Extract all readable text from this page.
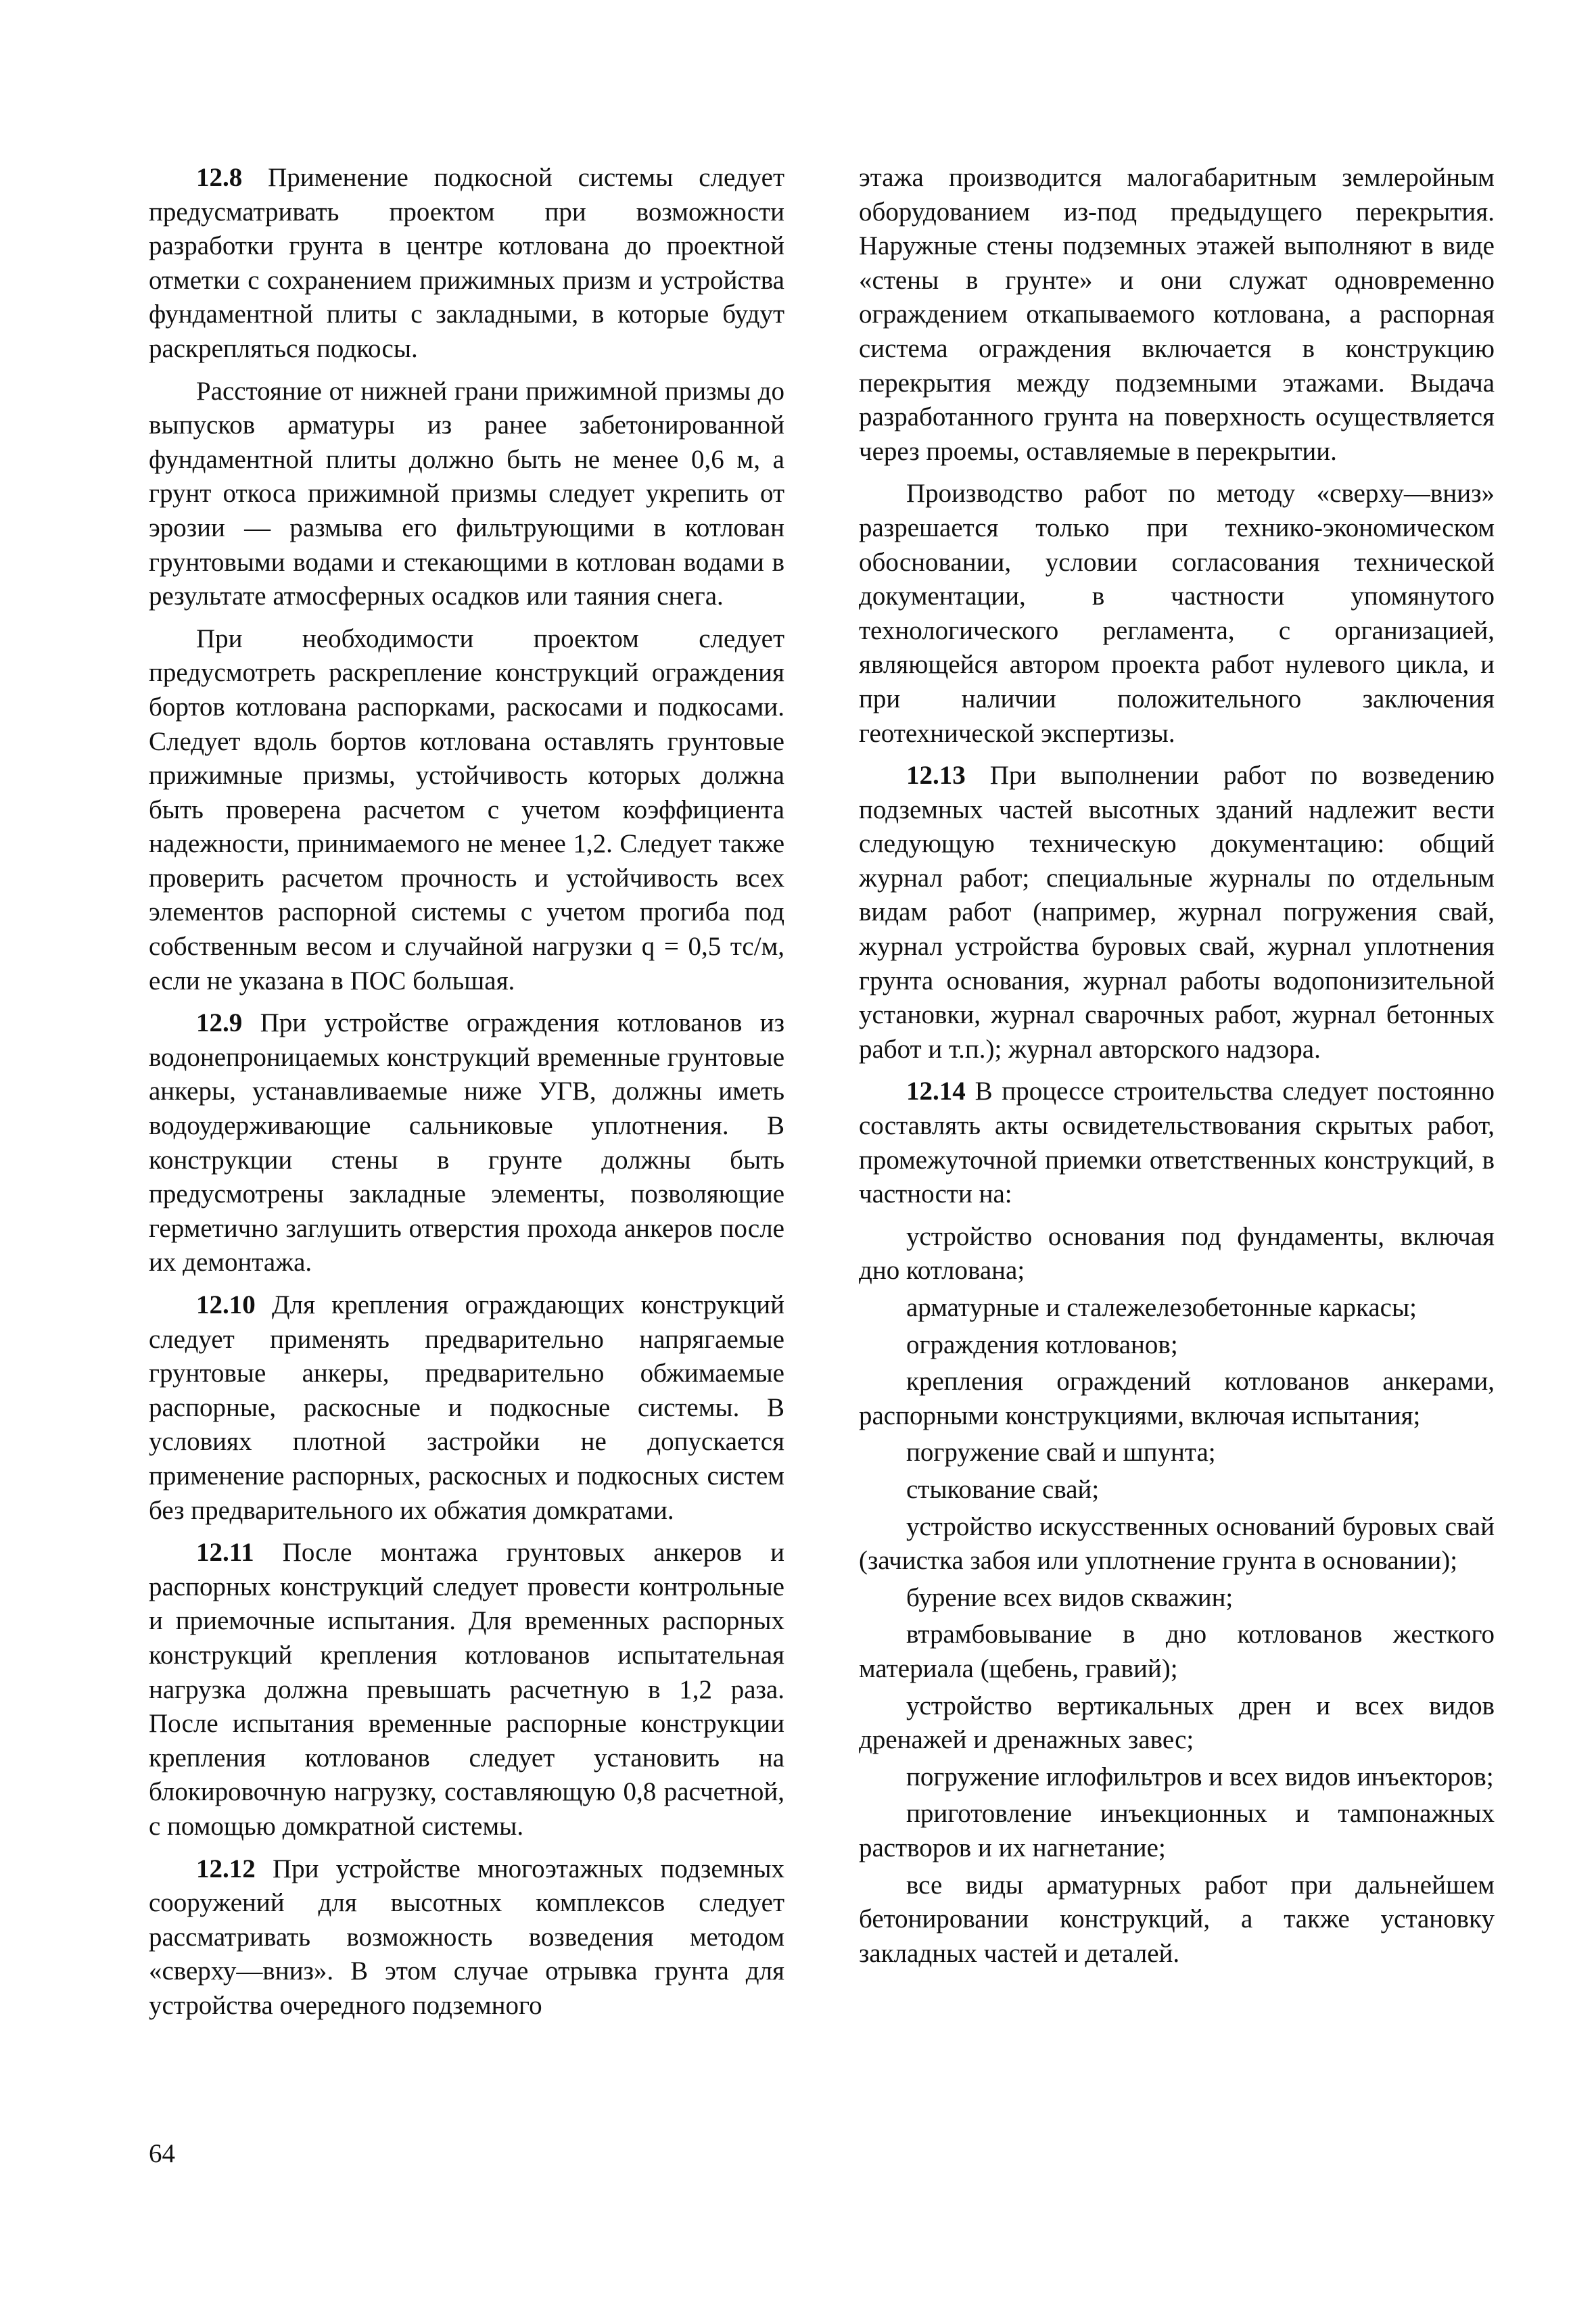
12.8 Применение подкосной системы следует предусматривать проектом при возможности разработки грунта в центре котлована до проектной отметки с сохранением прижимных призм и устройства фундаментной плиты с закладными, в которые будут раскрепляться подкосы.

Расстояние от нижней грани прижимной призмы до выпусков арматуры из ранее забетонированной фундаментной плиты должно быть не менее 0,6 м, а грунт откоса прижимной призмы следует укрепить от эрозии — размыва его фильтрующими в котлован грунтовыми водами и стекающими в котлован водами в результате атмосферных осадков или таяния снега.

При необходимости проектом следует предусмотреть раскрепление конструкций ограждения бортов котлована распорками, раскосами и подкосами. Следует вдоль бортов котлована оставлять грунтовые прижимные призмы, устойчивость которых должна быть проверена расчетом с учетом коэффициента надежности, принимаемого не менее 1,2. Следует также проверить расчетом прочность и устойчивость всех элементов распорной системы с учетом прогиба под собственным весом и случайной нагрузки q = 0,5 тс/м, если не указана в ПОС большая.

12.9 При устройстве ограждения котлованов из водонепроницаемых конструкций временные грунтовые анкеры, устанавливаемые ниже УГВ, должны иметь водоудерживающие сальниковые уплотнения. В конструкции стены в грунте должны быть предусмотрены закладные элементы, позволяющие герметично заглушить отверстия прохода анкеров после их демонтажа.

12.10 Для крепления ограждающих конструкций следует применять предварительно напрягаемые грунтовые анкеры, предварительно обжимаемые распорные, раскосные и подкосные системы. В условиях плотной застройки не допускается применение распорных, раскосных и подкосных систем без предварительного их обжатия домкратами.

12.11 После монтажа грунтовых анкеров и распорных конструкций следует провести контрольные и приемочные испытания. Для временных распорных конструкций крепления котлованов испытательная нагрузка должна превышать расчетную в 1,2 раза. После испытания временные распорные конструкции крепления котлованов следует установить на блокировочную нагрузку, составляющую 0,8 расчетной, с помощью домкратной системы.

12.12 При устройстве многоэтажных подземных сооружений для высотных комплексов следует рассматривать возможность возведения методом «сверху—вниз». В этом случае отрывка грунта для устройства очередного подземного

этажа производится малогабаритным землеройным оборудованием из-под предыдущего перекрытия. Наружные стены подземных этажей выполняют в виде «стены в грунте» и они служат одновременно ограждением откапываемого котлована, а распорная система ограждения включается в конструкцию перекрытия между подземными этажами. Выдача разработанного грунта на поверхность осуществляется через проемы, оставляемые в перекрытии.

Производство работ по методу «сверху—вниз» разрешается только при технико-экономическом обосновании, условии согласования технической документации, в частности упомянутого технологического регламента, с организацией, являющейся автором проекта работ нулевого цикла, и при наличии положительного заключения геотехнической экспертизы.

12.13 При выполнении работ по возведению подземных частей высотных зданий надлежит вести следующую техническую документацию: общий журнал работ; специальные журналы по отдельным видам работ (например, журнал погружения свай, журнал устройства буровых свай, журнал уплотнения грунта основания, журнал работы водопонизительной установки, журнал сварочных работ, журнал бетонных работ и т.п.); журнал авторского надзора.

12.14 В процессе строительства следует постоянно составлять акты освидетельствования скрытых работ, промежуточной приемки ответственных конструкций, в частности на:

устройство основания под фундаменты, включая дно котлована;

арматурные и сталежелезобетонные каркасы;

ограждения котлованов;

крепления ограждений котлованов анкерами, распорными конструкциями, включая испытания;

погружение свай и шпунта;

стыкование свай;

устройство искусственных оснований буровых свай (зачистка забоя или уплотнение грунта в основании);

бурение всех видов скважин;

втрамбовывание в дно котлованов жесткого материала (щебень, гравий);

устройство вертикальных дрен и всех видов дренажей и дренажных завес;

погружение иглофильтров и всех видов инъекторов;

приготовление инъекционных и тампонажных растворов и их нагнетание;

все виды арматурных работ при дальнейшем бетонировании конструкций, а также установку закладных частей и деталей.

64
